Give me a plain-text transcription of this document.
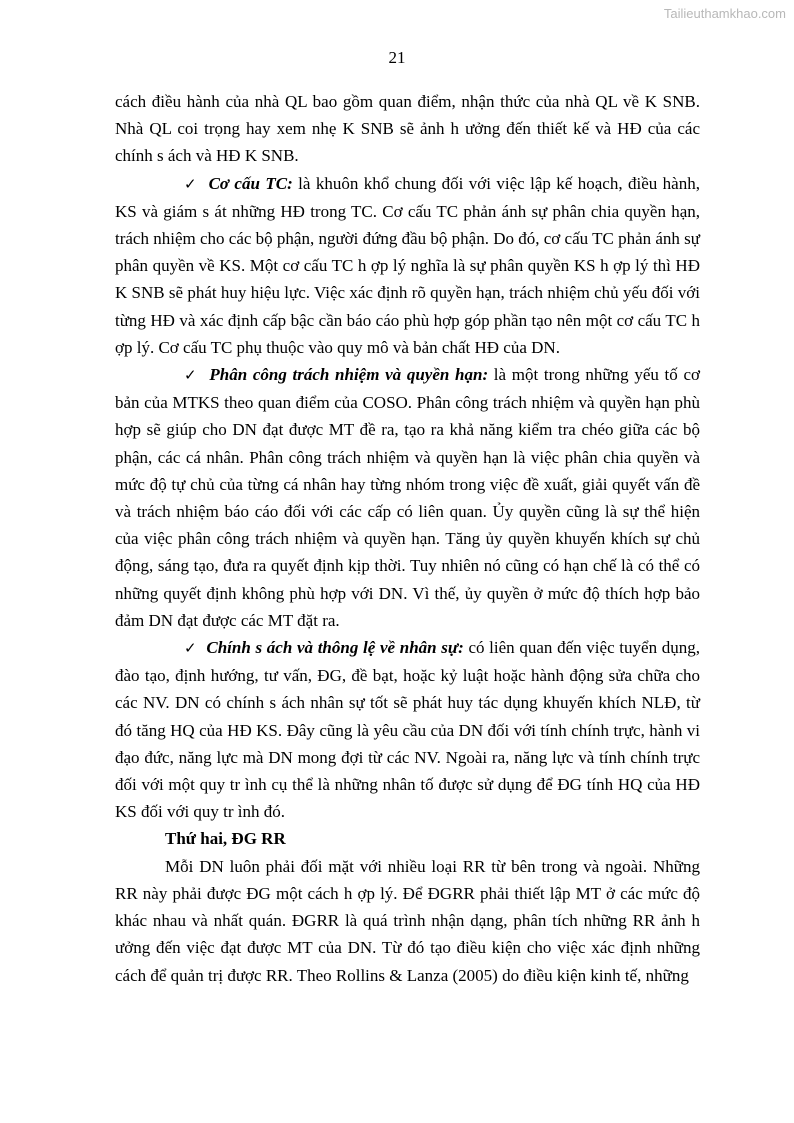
Tailieuthamkhao.com
21

cách điều hành của nhà QL bao gồm quan điểm, nhận thức của nhà QL về K SNB. Nhà QL coi trọng hay xem nhẹ K SNB sẽ ảnh h ưởng đến thiết kế và HĐ của các chính s ách và HĐ K SNB.

✓ Cơ cấu TC: là khuôn khổ chung đối với việc lập kế hoạch, điều hành, KS và giám s át những HĐ trong TC. Cơ cấu TC phản ánh sự phân chia quyền hạn, trách nhiệm cho các bộ phận, người đứng đầu bộ phận. Do đó, cơ cấu TC phản ánh sự phân quyền về KS. Một cơ cấu TC h ợp lý nghĩa là sự phân quyền KS h ợp lý thì HĐ K SNB sẽ phát huy hiệu lực. Việc xác định rõ quyền hạn, trách nhiệm chủ yếu đối với từng HĐ và xác định cấp bậc cần báo cáo phù hợp góp phần tạo nên một cơ cấu TC h ợp lý. Cơ cấu TC phụ thuộc vào quy mô và bản chất HĐ của DN.

✓ Phân công trách nhiệm và quyền hạn: là một trong những yếu tố cơ bản của MTKS theo quan điểm của COSO. Phân công trách nhiệm và quyền hạn phù hợp sẽ giúp cho DN đạt được MT đề ra, tạo ra khả năng kiểm tra chéo giữa các bộ phận, các cá nhân. Phân công trách nhiệm và quyền hạn là việc phân chia quyền và mức độ tự chủ của từng cá nhân hay từng nhóm trong việc đề xuất, giải quyết vấn đề và trách nhiệm báo cáo đối với các cấp có liên quan. Ủy quyền cũng là sự thể hiện của việc phân công trách nhiệm và quyền hạn. Tăng ủy quyền khuyến khích sự chủ động, sáng tạo, đưa ra quyết định kịp thời. Tuy nhiên nó cũng có hạn chế là có thể có những quyết định không phù hợp với DN. Vì thế, ủy quyền ở mức độ thích hợp bảo đảm DN đạt được các MT đặt ra.

✓ Chính s ách và thông lệ về nhân sự: có liên quan đến việc tuyển dụng, đào tạo, định hướng, tư vấn, ĐG, đề bạt, hoặc kỷ luật hoặc hành động sửa chữa cho các NV. DN có chính s ách nhân sự tốt sẽ phát huy tác dụng khuyến khích NLĐ, từ đó tăng HQ của HĐ KS. Đây cũng là yêu cầu của DN đối với tính chính trực, hành vi đạo đức, năng lực mà DN mong đợi từ các NV. Ngoài ra, năng lực và tính chính trực đối với một quy tr ình cụ thể là những nhân tố được sử dụng để ĐG tính HQ của HĐ KS đối với quy tr ình đó.

Thứ hai, ĐG RR

Mỗi DN luôn phải đối mặt với nhiều loại RR từ bên trong và ngoài. Những RR này phải được ĐG một cách h ợp lý. Để ĐGRR phải thiết lập MT ở các mức độ khác nhau và nhất quán. ĐGRR là quá trình nhận dạng, phân tích những RR ảnh h ưởng đến việc đạt được MT của DN. Từ đó tạo điều kiện cho việc xác định những cách để quản trị được RR. Theo Rollins & Lanza (2005) do điều kiện kinh tế, những
